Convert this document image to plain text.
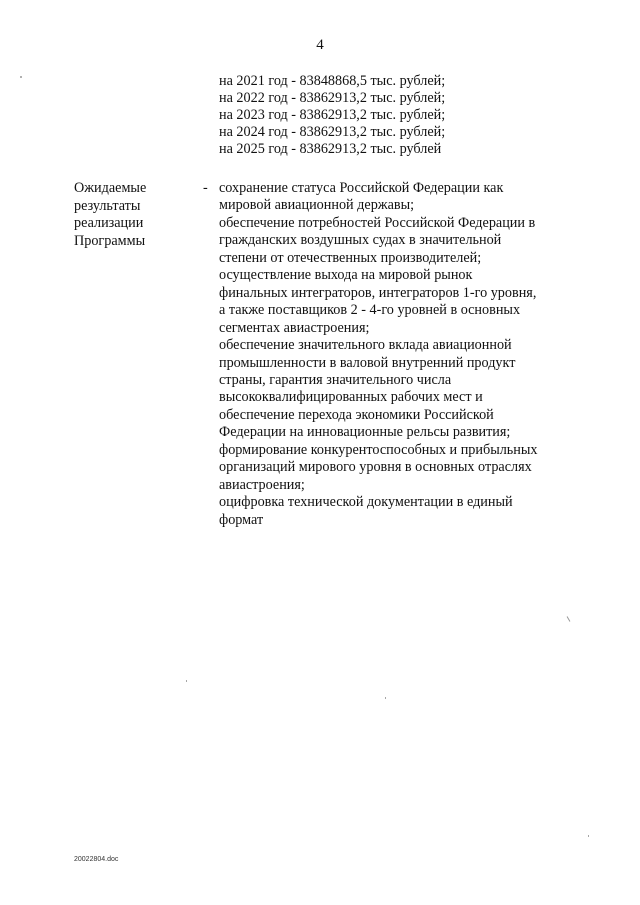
4
на 2021 год - 83848868,5 тыс. рублей;
на 2022 год - 83862913,2 тыс. рублей;
на 2023 год - 83862913,2 тыс. рублей;
на 2024 год - 83862913,2 тыс. рублей;
на 2025 год - 83862913,2 тыс. рублей
Ожидаемые
результаты
реализации
Программы
- сохранение статуса Российской Федерации как
мировой авиационной державы;
обеспечение потребностей Российской Федерации в
гражданских воздушных судах в значительной
степени от отечественных производителей;
осуществление выхода на мировой рынок
финальных интеграторов, интеграторов 1-го уровня,
а также поставщиков 2 - 4-го уровней в основных
сегментах авиастроения;
обеспечение значительного вклада авиационной
промышленности в валовой внутренний продукт
страны, гарантия значительного числа
высококвалифицированных рабочих мест и
обеспечение перехода экономики Российской
Федерации на инновационные рельсы развития;
формирование конкурентоспособных и прибыльных
организаций мирового уровня в основных отраслях
авиастроения;
оцифровка технической документации в единый
формат
20022804.doc
